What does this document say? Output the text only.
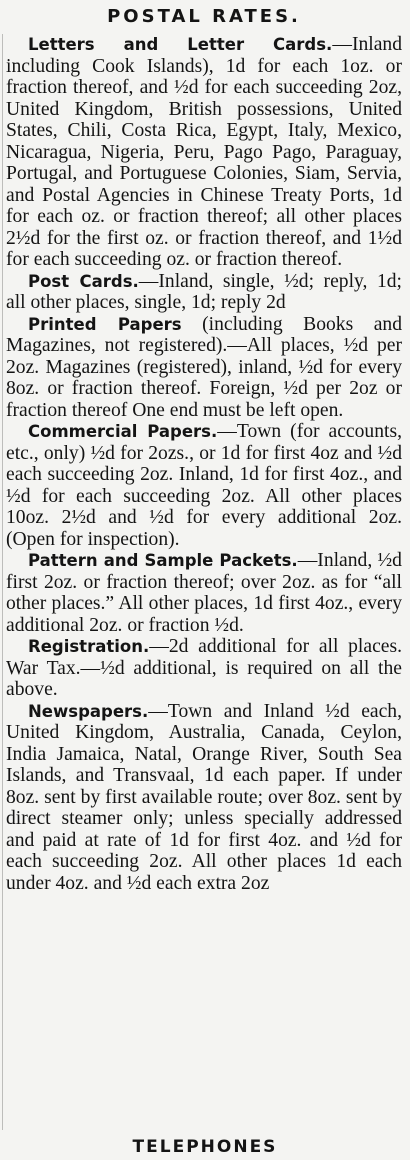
POSTAL RATES.

Letters and Letter Cards.—Inland including Cook Islands), 1d for each 1oz. or fraction thereof, and ½d for each succeeding 2oz, United Kingdom, British possessions, United States, Chili, Costa Rica, Egypt, Italy, Mexico, Nicaragua, Nigeria, Peru, Pago Pago, Paraguay, Portugal, and Portuguese Colonies, Siam, Servia, and Postal Agencies in Chinese Treaty Ports, 1d for each oz. or fraction thereof; all other places 2½d for the first oz. or fraction thereof, and 1½d for each succeeding oz. or fraction thereof.

Post Cards.—Inland, single, ½d; reply, 1d; all other places, single, 1d; reply 2d

Printed Papers (including Books and Magazines, not registered).—All places, ½d per 2oz. Magazines (registered), inland, ½d for every 8oz. or fraction thereof. Foreign, ½d per 2oz or fraction thereof One end must be left open.

Commercial Papers.—Town (for accounts, etc., only) ½d for 2ozs., or 1d for first 4oz and ½d each succeeding 2oz. Inland, 1d for first 4oz., and ½d for each succeeding 2oz. All other places 10oz. 2½d and ½d for every additional 2oz. (Open for inspection).

Pattern and Sample Packets.—Inland, ½d first 2oz. or fraction thereof; over 2oz. as for “all other places.” All other places, 1d first 4oz., every additional 2oz. or fraction ½d.

Registration.—2d additional for all places. War Tax.—½d additional, is required on all the above.

Newspapers.—Town and Inland ½d each, United Kingdom, Australia, Canada, Ceylon, India Jamaica, Natal, Orange River, South Sea Islands, and Transvaal, 1d each paper. If under 8oz. sent by first available route; over 8oz. sent by direct steamer only; unless specially addressed and paid at rate of 1d for first 4oz. and ½d for each succeeding 2oz. All other places 1d each under 4oz. and ½d each extra 2oz

TELEPHONES
